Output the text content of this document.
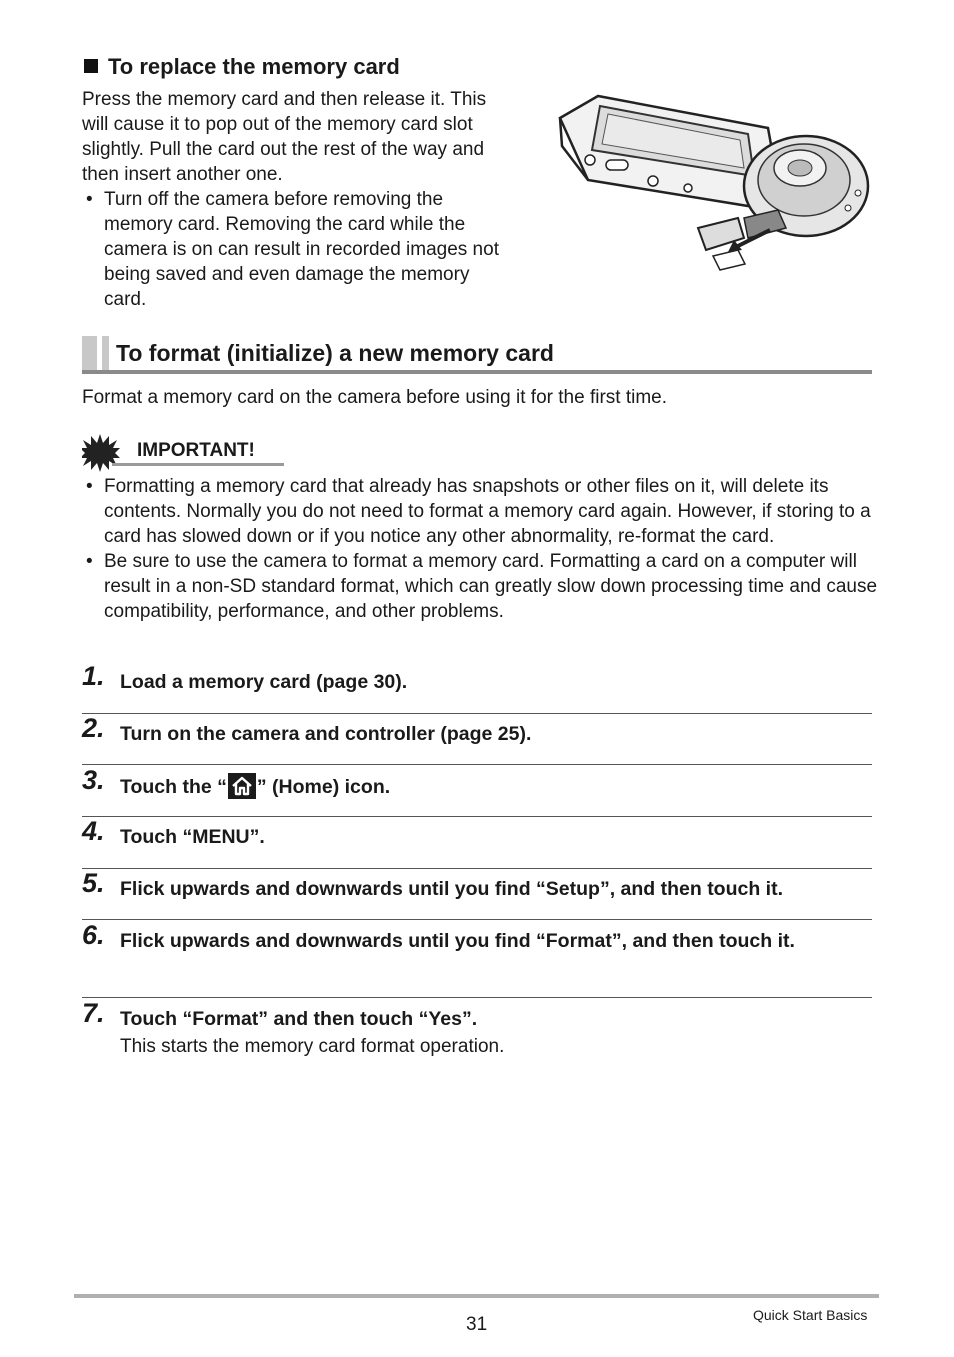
To replace the memory card

Press the memory card and then release it. This will cause it to pop out of the memory card slot slightly. Pull the card out the rest of the way and then insert another one.

• Turn off the camera before removing the memory card. Removing the card while the camera is on can result in recorded images not being saved and even damage the memory card.
To format (initialize) a new memory card
Format a memory card on the camera before using it for the first time.
IMPORTANT!
• Formatting a memory card that already has snapshots or other files on it, will delete its contents. Normally you do not need to format a memory card again. However, if storing to a card has slowed down or if you notice any other abnormality, re-format the card.
• Be sure to use the camera to format a memory card. Formatting a card on a computer will result in a non-SD standard format, which can greatly slow down processing time and cause compatibility, performance, and other problems.
1. Load a memory card (page 30).
2. Turn on the camera and controller (page 25).
3. Touch the “ ” (Home) icon.
4. Touch “MENU”.
5. Flick upwards and downwards until you find “Setup”, and then touch it.
6. Flick upwards and downwards until you find “Format”, and then touch it.
7. Touch “Format” and then touch “Yes”.
This starts the memory card format operation.
31	Quick Start Basics
